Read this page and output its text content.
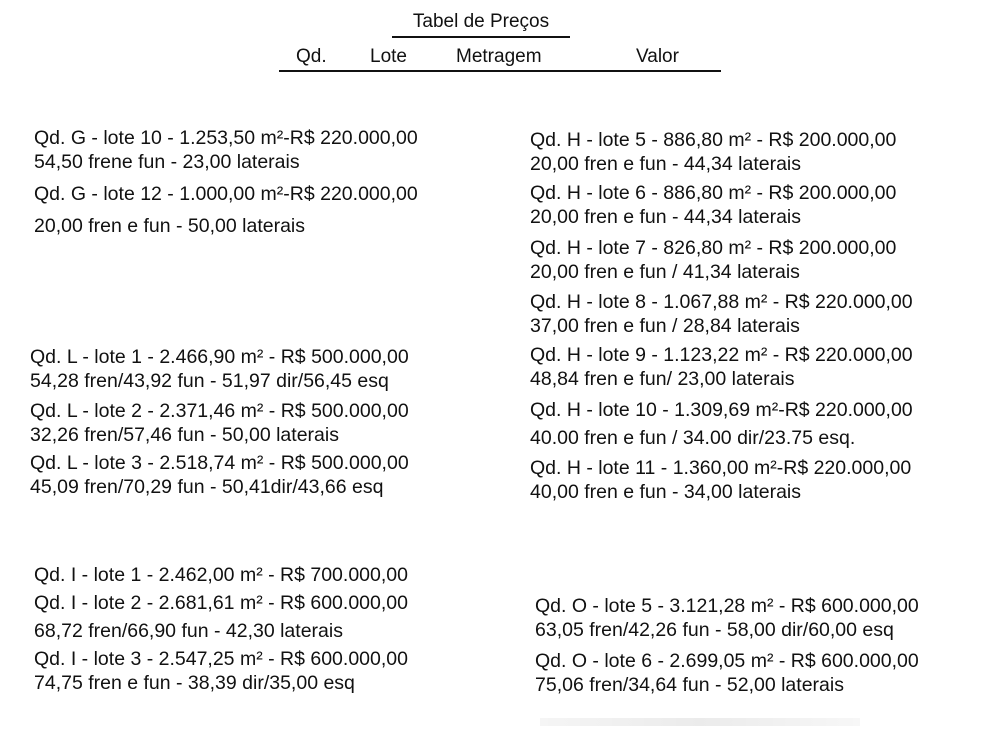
Tabel de Preços
Qd. Lote	Metragem	Valor
Qd. G - lote 10 - 1.253,50 m²-R$ 220.000,00
54,50 frene fun - 23,00 laterais
Qd. G - lote 12 - 1.000,00 m²-R$ 220.000,00
20,00 fren e fun - 50,00 laterais
Qd. L - lote 1 - 2.466,90 m² - R$ 500.000,00
54,28 fren/43,92 fun - 51,97 dir/56,45 esq
Qd. L - lote 2 - 2.371,46 m² - R$ 500.000,00
32,26 fren/57,46 fun - 50,00 laterais
Qd. L - lote 3 - 2.518,74 m² - R$ 500.000,00
45,09 fren/70,29 fun - 50,41dir/43,66 esq
Qd. I - lote 1 - 2.462,00 m² - R$ 700.000,00
Qd. I - lote 2 - 2.681,61 m² - R$ 600.000,00
68,72 fren/66,90 fun - 42,30 laterais
Qd. I - lote 3 - 2.547,25 m² - R$ 600.000,00
74,75 fren e fun - 38,39 dir/35,00 esq
Qd. H - lote 5 - 886,80 m² - R$ 200.000,00
20,00 fren e fun - 44,34 laterais
Qd. H - lote 6 - 886,80 m² - R$ 200.000,00
20,00 fren e fun - 44,34 laterais
Qd. H - lote 7 - 826,80 m² - R$ 200.000,00
20,00 fren e fun / 41,34 laterais
Qd. H - lote 8 - 1.067,88 m² - R$ 220.000,00
37,00 fren e fun / 28,84 laterais
Qd. H - lote 9 - 1.123,22 m² - R$ 220.000,00
48,84 fren e fun/ 23,00 laterais
Qd. H - lote 10 - 1.309,69 m²-R$ 220.000,00
40.00 fren e fun / 34.00 dir/23.75 esq.
Qd. H - lote 11 - 1.360,00 m²-R$ 220.000,00
40,00 fren e fun - 34,00 laterais
Qd. O - lote 5 - 3.121,28 m² - R$ 600.000,00
63,05 fren/42,26 fun - 58,00 dir/60,00 esq
Qd. O - lote 6 - 2.699,05 m² - R$ 600.000,00
75,06 fren/34,64 fun - 52,00 laterais
